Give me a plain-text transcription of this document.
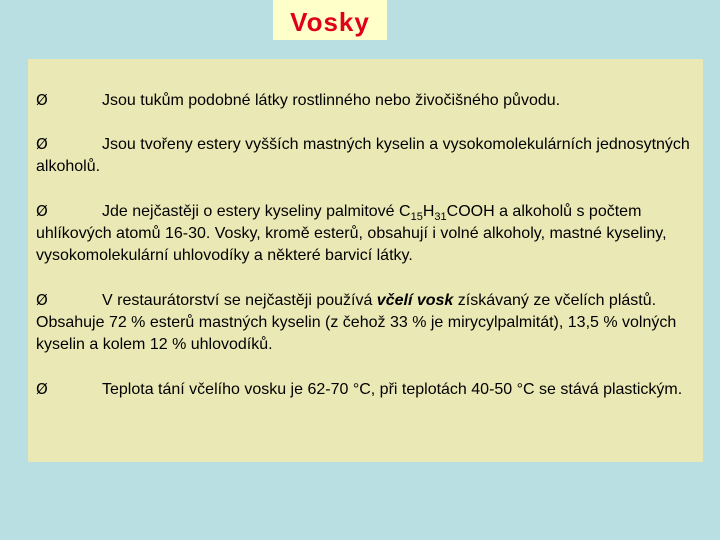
Vosky

Ø	Jsou tukům podobné látky rostlinného nebo živočišného původu.

Ø	Jsou tvořeny estery vyšších mastných kyselin a vysokomolekulárních jednosytných alkoholů.

Ø	Jde nejčastěji o estery kyseliny palmitové $C_{15}H_{31}COOH$ a alkoholů s počtem uhlíkových atomů 16-30. Vosky, kromě esterů, obsahují i volné alkoholy, mastné kyseliny, vysokomolekulární uhlovodíky a některé barvicí látky.

Ø	V restaurátorství se nejčastěji používá včelí vosk získávaný ze včelích plástů. Obsahuje 72 % esterů mastných kyselin (z čehož 33 % je mirycylpalmitát), 13,5 % volných kyselin a kolem 12 % uhlovodíků.

Ø	Teplota tání včelího vosku je 62-70 °C, při teplotách 40-50 °C se stává plastickým.
